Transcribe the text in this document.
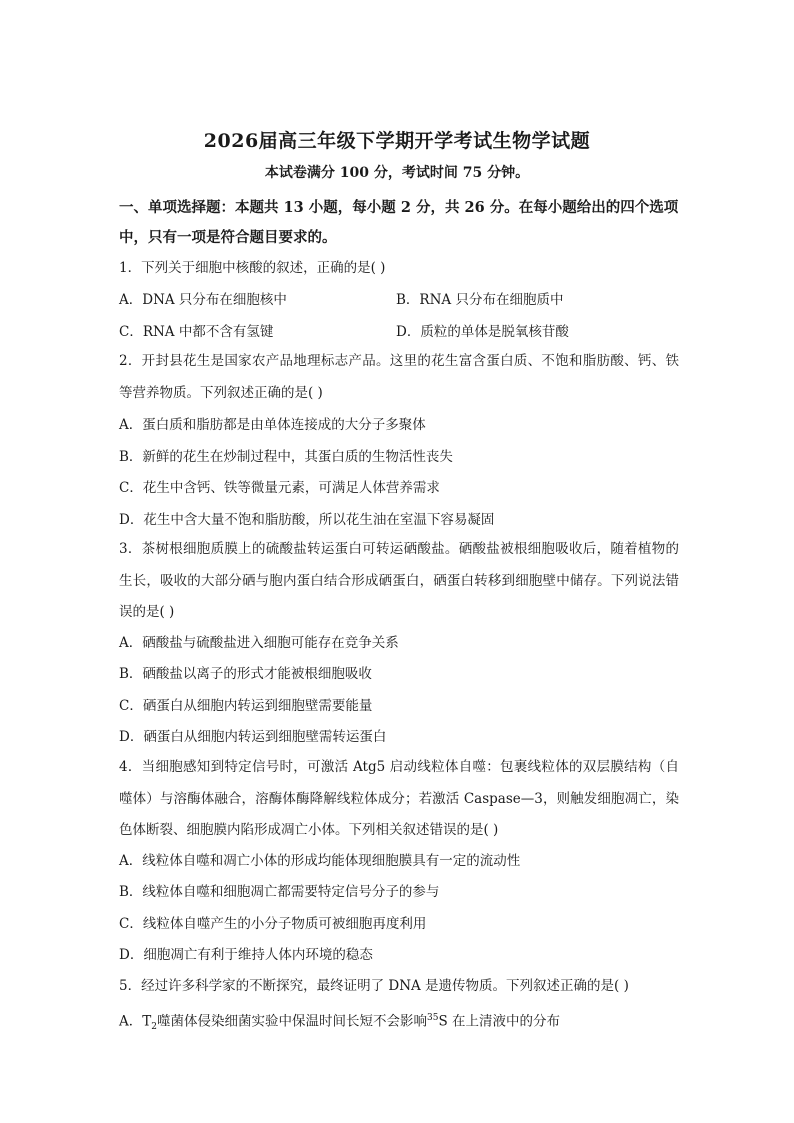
2026届高三年级下学期开学考试生物学试题
本试卷满分 100 分，考试时间 75 分钟。
一、单项选择题：本题共 13 小题，每小题 2 分，共 26 分。在每小题给出的四个选项中，只有一项是符合题目要求的。
1．下列关于细胞中核酸的叙述，正确的是( )
A．DNA 只分布在细胞核中	B．RNA 只分布在细胞质中
C．RNA 中都不含有氢键	D．质粒的单体是脱氧核苷酸
2．开封县花生是国家农产品地理标志产品。这里的花生富含蛋白质、不饱和脂肪酸、钙、铁等营养物质。下列叙述正确的是( )
A．蛋白质和脂肪都是由单体连接成的大分子多聚体
B．新鲜的花生在炒制过程中，其蛋白质的生物活性丧失
C．花生中含钙、铁等微量元素，可满足人体营养需求
D．花生中含大量不饱和脂肪酸，所以花生油在室温下容易凝固
3．茶树根细胞质膜上的硫酸盐转运蛋白可转运硒酸盐。硒酸盐被根细胞吸收后，随着植物的生长，吸收的大部分硒与胞内蛋白结合形成硒蛋白，硒蛋白转移到细胞壁中储存。下列说法错误的是( )
A．硒酸盐与硫酸盐进入细胞可能存在竞争关系
B．硒酸盐以离子的形式才能被根细胞吸收
C．硒蛋白从细胞内转运到细胞壁需要能量
D．硒蛋白从细胞内转运到细胞壁需转运蛋白
4．当细胞感知到特定信号时，可激活 Atg5 启动线粒体自噬：包裹线粒体的双层膜结构（自噬体）与溶酶体融合，溶酶体酶降解线粒体成分；若激活 Caspase—3，则触发细胞凋亡，染色体断裂、细胞膜内陷形成凋亡小体。下列相关叙述错误的是( )
A．线粒体自噬和凋亡小体的形成均能体现细胞膜具有一定的流动性
B．线粒体自噬和细胞凋亡都需要特定信号分子的参与
C．线粒体自噬产生的小分子物质可被细胞再度利用
D．细胞凋亡有利于维持人体内环境的稳态
5．经过许多科学家的不断探究，最终证明了 DNA 是遗传物质。下列叙述正确的是( )
A．$T_2$噬菌体侵染细菌实验中保温时间长短不会影响$^{35}$S 在上清液中的分布
